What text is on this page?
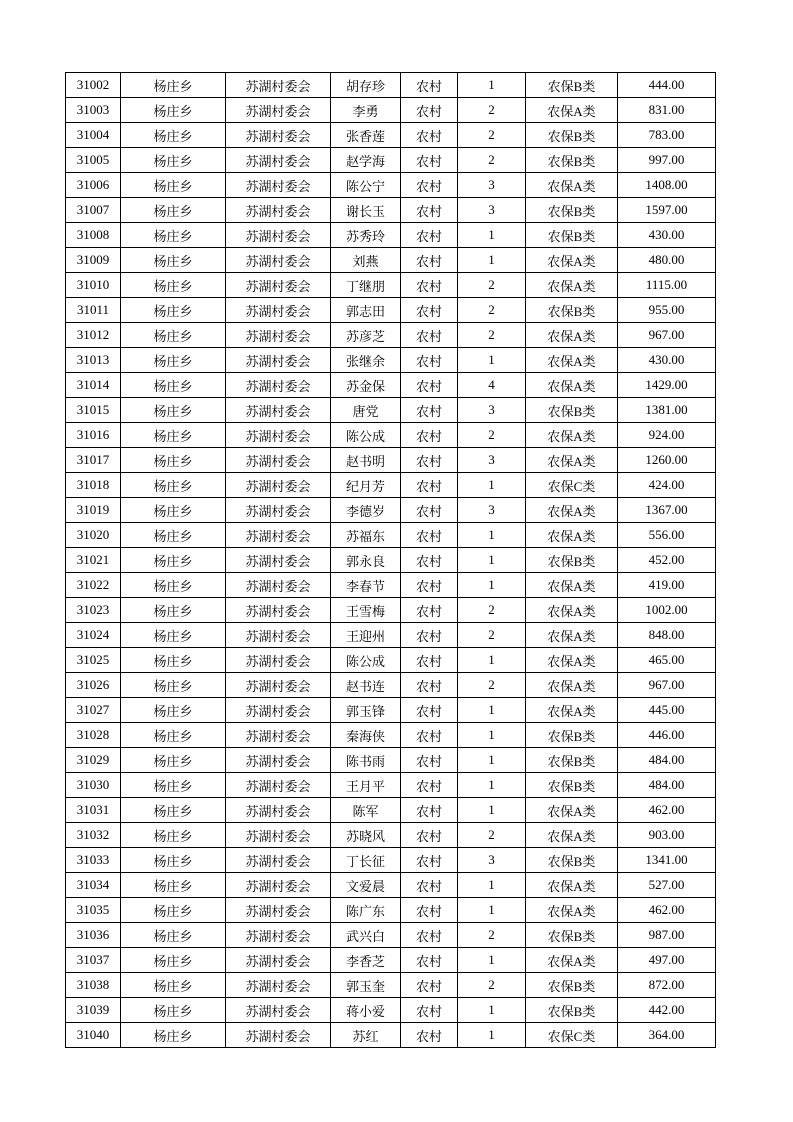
31002	杨庄乡	苏湖村委会	胡存珍	农村	1	农保B类	444.00
31003	杨庄乡	苏湖村委会	李勇	农村	2	农保A类	831.00
31004	杨庄乡	苏湖村委会	张香莲	农村	2	农保B类	783.00
31005	杨庄乡	苏湖村委会	赵学海	农村	2	农保B类	997.00
31006	杨庄乡	苏湖村委会	陈公宁	农村	3	农保A类	1408.00
31007	杨庄乡	苏湖村委会	谢长玉	农村	3	农保B类	1597.00
31008	杨庄乡	苏湖村委会	苏秀玲	农村	1	农保B类	430.00
31009	杨庄乡	苏湖村委会	刘燕	农村	1	农保A类	480.00
31010	杨庄乡	苏湖村委会	丁继朋	农村	2	农保A类	1115.00
31011	杨庄乡	苏湖村委会	郭志田	农村	2	农保B类	955.00
31012	杨庄乡	苏湖村委会	苏彦芝	农村	2	农保A类	967.00
31013	杨庄乡	苏湖村委会	张继余	农村	1	农保A类	430.00
31014	杨庄乡	苏湖村委会	苏金保	农村	4	农保A类	1429.00
31015	杨庄乡	苏湖村委会	唐党	农村	3	农保B类	1381.00
31016	杨庄乡	苏湖村委会	陈公成	农村	2	农保A类	924.00
31017	杨庄乡	苏湖村委会	赵书明	农村	3	农保A类	1260.00
31018	杨庄乡	苏湖村委会	纪月芳	农村	1	农保C类	424.00
31019	杨庄乡	苏湖村委会	李德岁	农村	3	农保A类	1367.00
31020	杨庄乡	苏湖村委会	苏福东	农村	1	农保A类	556.00
31021	杨庄乡	苏湖村委会	郭永良	农村	1	农保B类	452.00
31022	杨庄乡	苏湖村委会	李春节	农村	1	农保A类	419.00
31023	杨庄乡	苏湖村委会	王雪梅	农村	2	农保A类	1002.00
31024	杨庄乡	苏湖村委会	王迎州	农村	2	农保A类	848.00
31025	杨庄乡	苏湖村委会	陈公成	农村	1	农保A类	465.00
31026	杨庄乡	苏湖村委会	赵书连	农村	2	农保A类	967.00
31027	杨庄乡	苏湖村委会	郭玉锋	农村	1	农保A类	445.00
31028	杨庄乡	苏湖村委会	秦海侠	农村	1	农保B类	446.00
31029	杨庄乡	苏湖村委会	陈书雨	农村	1	农保B类	484.00
31030	杨庄乡	苏湖村委会	王月平	农村	1	农保B类	484.00
31031	杨庄乡	苏湖村委会	陈军	农村	1	农保A类	462.00
31032	杨庄乡	苏湖村委会	苏晓风	农村	2	农保A类	903.00
31033	杨庄乡	苏湖村委会	丁长征	农村	3	农保B类	1341.00
31034	杨庄乡	苏湖村委会	文爱晨	农村	1	农保A类	527.00
31035	杨庄乡	苏湖村委会	陈广东	农村	1	农保A类	462.00
31036	杨庄乡	苏湖村委会	武兴白	农村	2	农保B类	987.00
31037	杨庄乡	苏湖村委会	李香芝	农村	1	农保A类	497.00
31038	杨庄乡	苏湖村委会	郭玉奎	农村	2	农保B类	872.00
31039	杨庄乡	苏湖村委会	蒋小爱	农村	1	农保B类	442.00
31040	杨庄乡	苏湖村委会	苏红	农村	1	农保C类	364.00
